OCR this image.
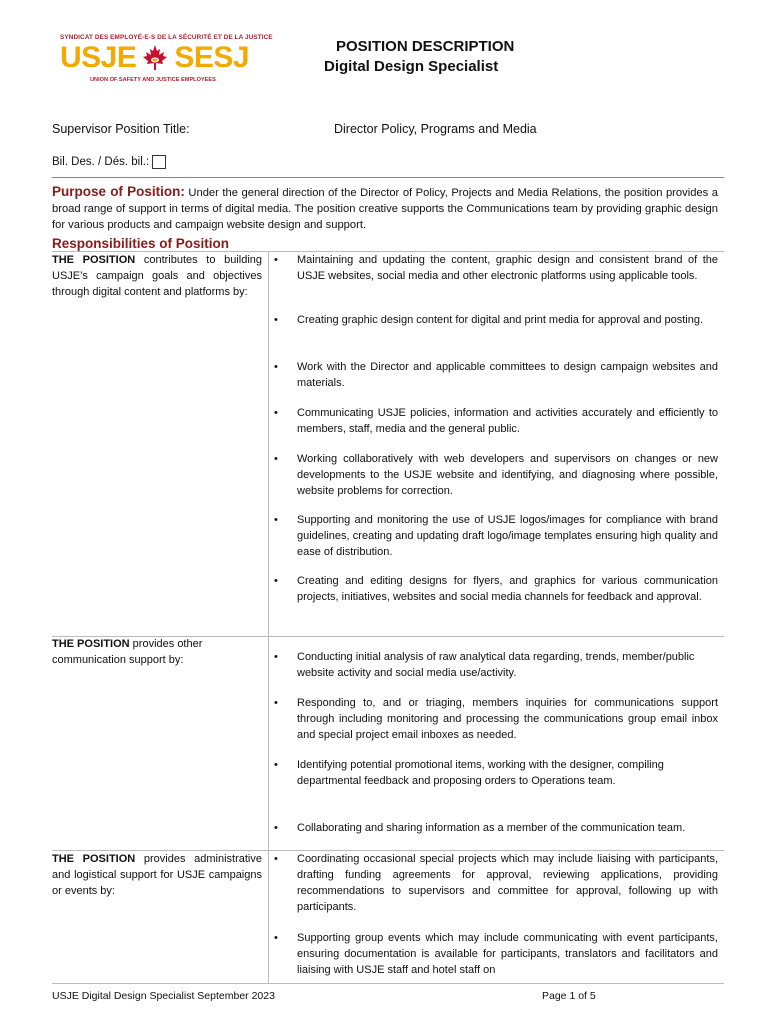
SYNDICAT DES EMPLOYÉ-E-S DE LA SÉCURITÉ ET DE LA JUSTICE
USJE SESJ
UNION OF SAFETY AND JUSTICE EMPLOYEES
POSITION DESCRIPTION
Digital Design Specialist
Supervisor Position Title:	Director Policy, Programs and Media
Bil. Des. / Dés. bil.:
Purpose of Position: Under the general direction of the Director of Policy, Projects and Media Relations, the position provides a broad range of support in terms of digital media. The position creative supports the Communications team by providing graphic design for various products and campaign website design and support.
Responsibilities of Position
THE POSITION contributes to building USJE’s campaign goals and objectives through digital content and platforms by:
•	Maintaining and updating the content, graphic design and consistent brand of the USJE websites, social media and other electronic platforms using applicable tools.
•	Creating graphic design content for digital and print media for approval and posting.
•	Work with the Director and applicable committees to design campaign websites and materials.
•	Communicating USJE policies, information and activities accurately and efficiently to members, staff, media and the general public.
•	Working collaboratively with web developers and supervisors on changes or new developments to the USJE website and identifying, and diagnosing where possible, website problems for correction.
•	Supporting and monitoring the use of USJE logos/images for compliance with brand guidelines, creating and updating draft logo/image templates ensuring high quality and ease of distribution.
•	Creating and editing designs for flyers, and graphics for various communication projects, initiatives, websites and social media channels for feedback and approval.
THE POSITION provides other communication support by:	•	Conducting initial analysis of raw analytical data regarding, trends, member/public website activity and social media use/activity.
•	Responding to, and or triaging, members inquiries for communications support through including monitoring and processing the communications group email inbox and special project email inboxes as needed.
•	Identifying potential promotional items, working with the designer, compiling departmental feedback and proposing orders to Operations team.
•	Collaborating and sharing information as a member of the communication team.
THE POSITION provides administrative and logistical support for USJE campaigns or events by:
•	Coordinating occasional special projects which may include liaising with participants, drafting funding agreements for approval, reviewing applications, providing recommendations to supervisors and committee for approval, following up with participants.
•	Supporting group events which may include communicating with event participants, ensuring documentation is available for participants, translators and facilitators and liaising with USJE staff and hotel staff on
USJE Digital Design Specialist September 2023	Page 1 of 5
